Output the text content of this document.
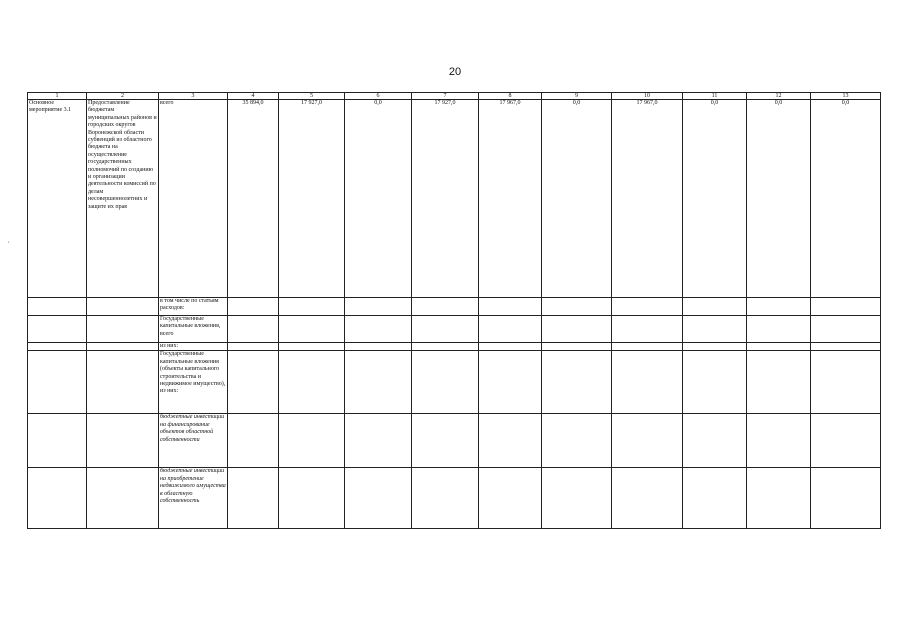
20
,
1	2	3	4	5	6	7	8	9	10	11	12	13
Основное мероприятие 3.1	Предоставление бюджетам муниципальных районов и городских округов Воронежской области субвенций из областного бюджета на осуществление государственных полномочий по созданию и организации деятельности комиссий по делам несовершеннолетних и защите их прав	всего	35 894,0	17 927,0	0,0	17 927,0	17 967,0	0,0	17 967,0	0,0	0,0	0,0
		в том числе по статьям расходов:										
		Государственные капитальные вложения, всего										
		из них:										
		Государственные капитальные вложения (объекты капитального строительства и недвижимое имущество), из них:										
		бюджетные инвестиции на финансирование объектов областной собственности										
		бюджетные инвестиции на приобретение недвижимого имущества в областную собственность										
